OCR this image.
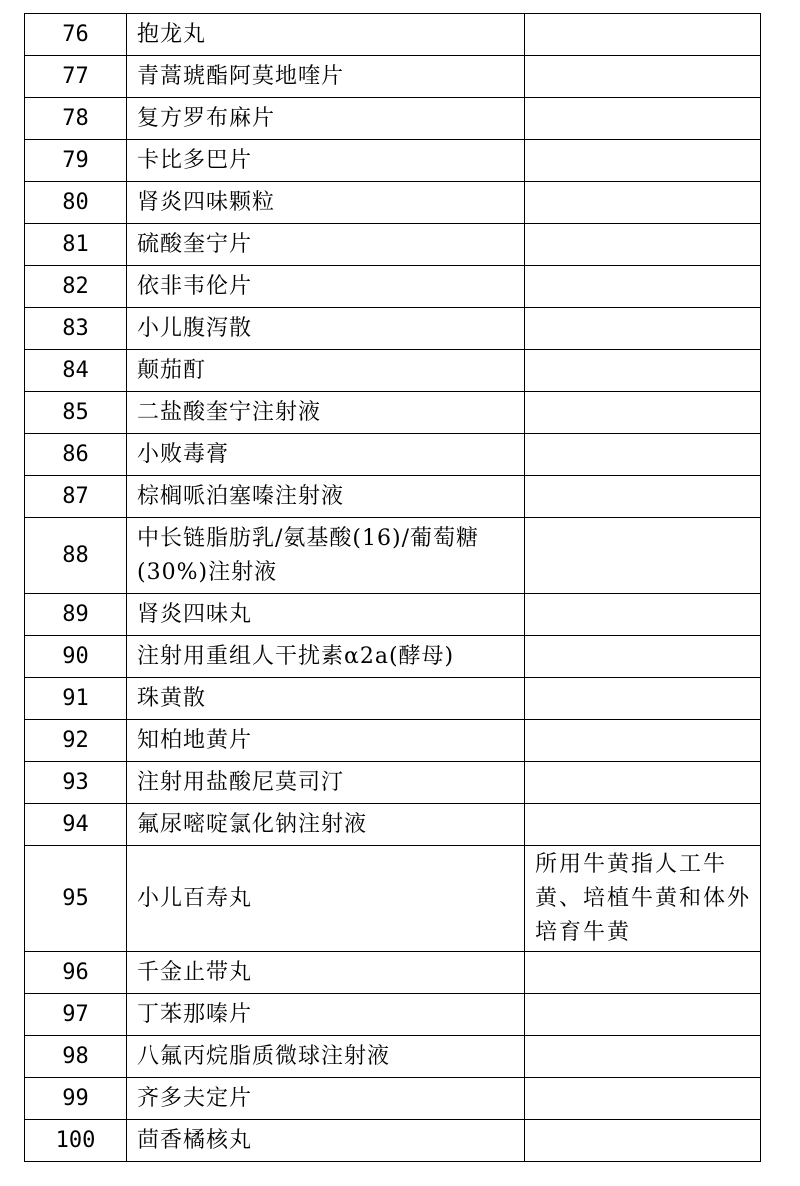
76	抱龙丸	
77	青蒿琥酯阿莫地喹片	
78	复方罗布麻片	
79	卡比多巴片	
80	肾炎四味颗粒	
81	硫酸奎宁片	
82	依非韦伦片	
83	小儿腹泻散	
84	颠茄酊	
85	二盐酸奎宁注射液	
86	小败毒膏	
87	棕榈哌泊塞嗪注射液	
88	中长链脂肪乳/氨基酸(16)/葡萄糖(30%)注射液	
89	肾炎四味丸	
90	注射用重组人干扰素α2a(酵母)	
91	珠黄散	
92	知柏地黄片	
93	注射用盐酸尼莫司汀	
94	氟尿嘧啶氯化钠注射液	
95	小儿百寿丸	所用牛黄指人工牛黄、培植牛黄和体外培育牛黄
96	千金止带丸	
97	丁苯那嗪片	
98	八氟丙烷脂质微球注射液	
99	齐多夫定片	
100	茴香橘核丸	
